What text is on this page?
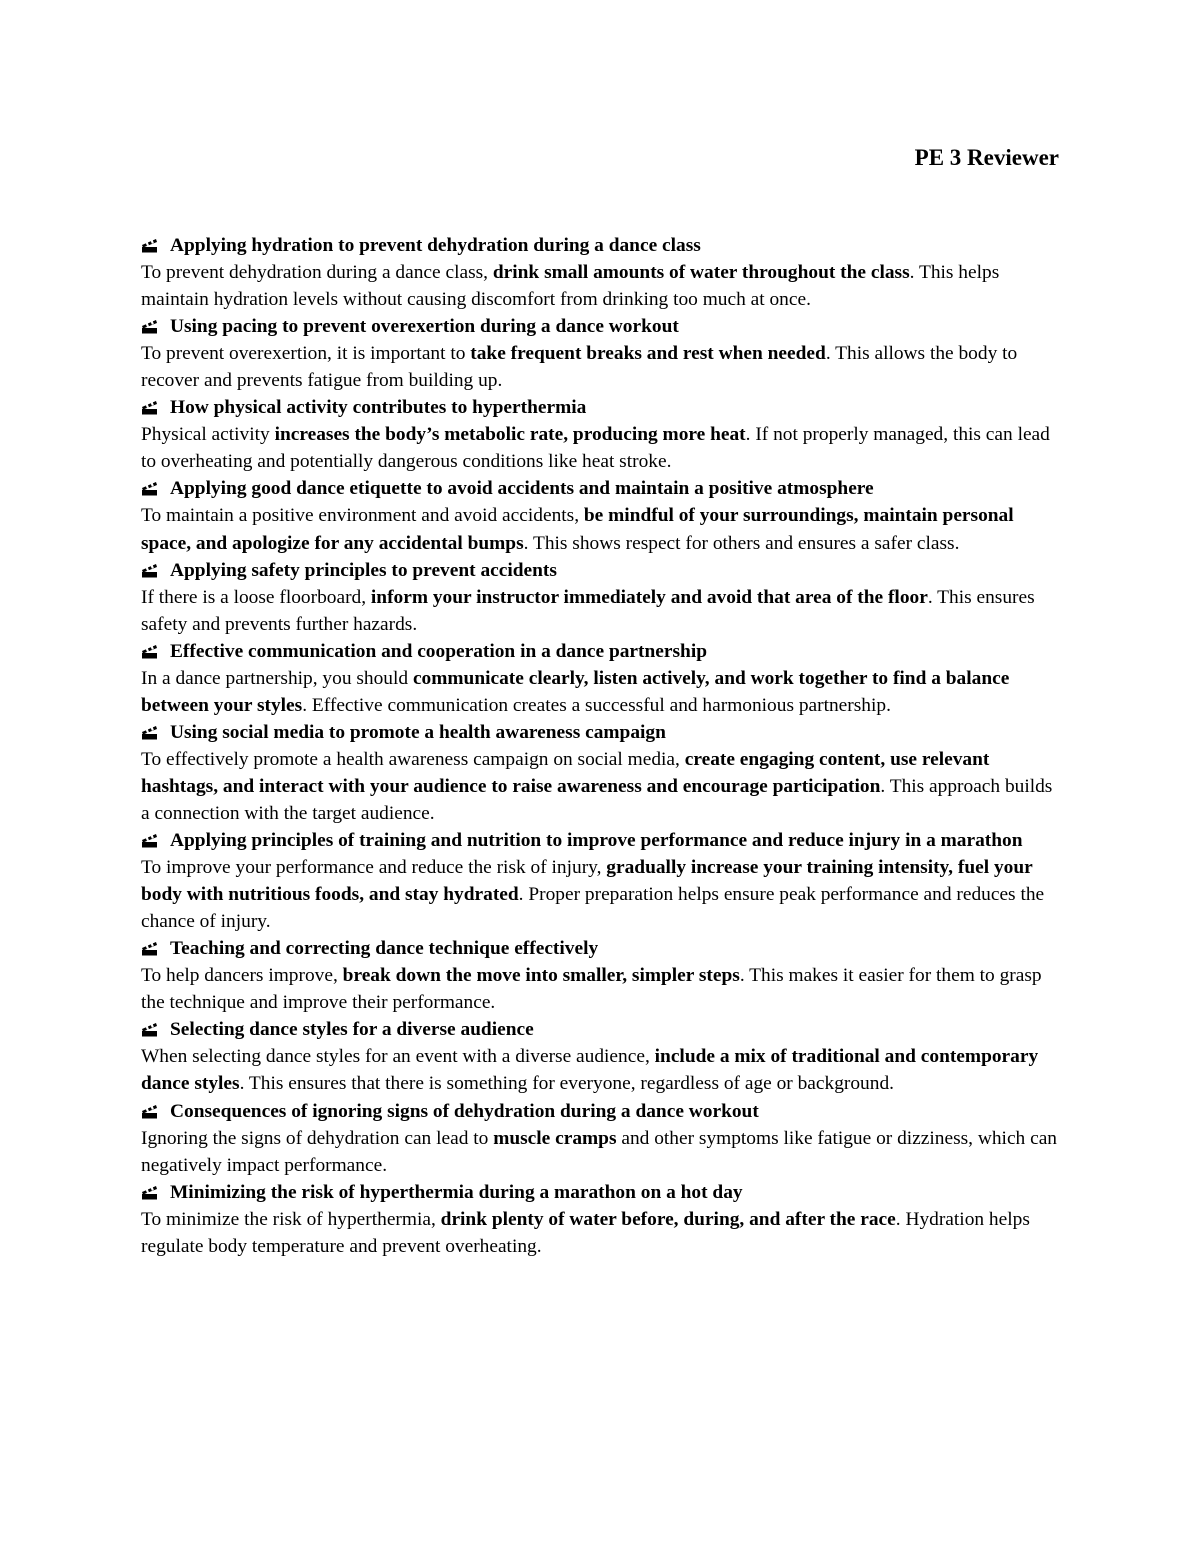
PE 3 Reviewer

Applying hydration to prevent dehydration during a dance class

To prevent dehydration during a dance class, drink small amounts of water throughout the class. This helps maintain hydration levels without causing discomfort from drinking too much at once.

Using pacing to prevent overexertion during a dance workout

To prevent overexertion, it is important to take frequent breaks and rest when needed. This allows the body to recover and prevents fatigue from building up.

How physical activity contributes to hyperthermia

Physical activity increases the body’s metabolic rate, producing more heat. If not properly managed, this can lead to overheating and potentially dangerous conditions like heat stroke.

Applying good dance etiquette to avoid accidents and maintain a positive atmosphere

To maintain a positive environment and avoid accidents, be mindful of your surroundings, maintain personal space, and apologize for any accidental bumps. This shows respect for others and ensures a safer class.

Applying safety principles to prevent accidents

If there is a loose floorboard, inform your instructor immediately and avoid that area of the floor. This ensures safety and prevents further hazards.

Effective communication and cooperation in a dance partnership

In a dance partnership, you should communicate clearly, listen actively, and work together to find a balance between your styles. Effective communication creates a successful and harmonious partnership.

Using social media to promote a health awareness campaign

To effectively promote a health awareness campaign on social media, create engaging content, use relevant hashtags, and interact with your audience to raise awareness and encourage participation. This approach builds a connection with the target audience.

Applying principles of training and nutrition to improve performance and reduce injury in a marathon

To improve your performance and reduce the risk of injury, gradually increase your training intensity, fuel your body with nutritious foods, and stay hydrated. Proper preparation helps ensure peak performance and reduces the chance of injury.

Teaching and correcting dance technique effectively

To help dancers improve, break down the move into smaller, simpler steps. This makes it easier for them to grasp the technique and improve their performance.

Selecting dance styles for a diverse audience

When selecting dance styles for an event with a diverse audience, include a mix of traditional and contemporary dance styles. This ensures that there is something for everyone, regardless of age or background.

Consequences of ignoring signs of dehydration during a dance workout

Ignoring the signs of dehydration can lead to muscle cramps and other symptoms like fatigue or dizziness, which can negatively impact performance.

Minimizing the risk of hyperthermia during a marathon on a hot day

To minimize the risk of hyperthermia, drink plenty of water before, during, and after the race. Hydration helps regulate body temperature and prevent overheating.
